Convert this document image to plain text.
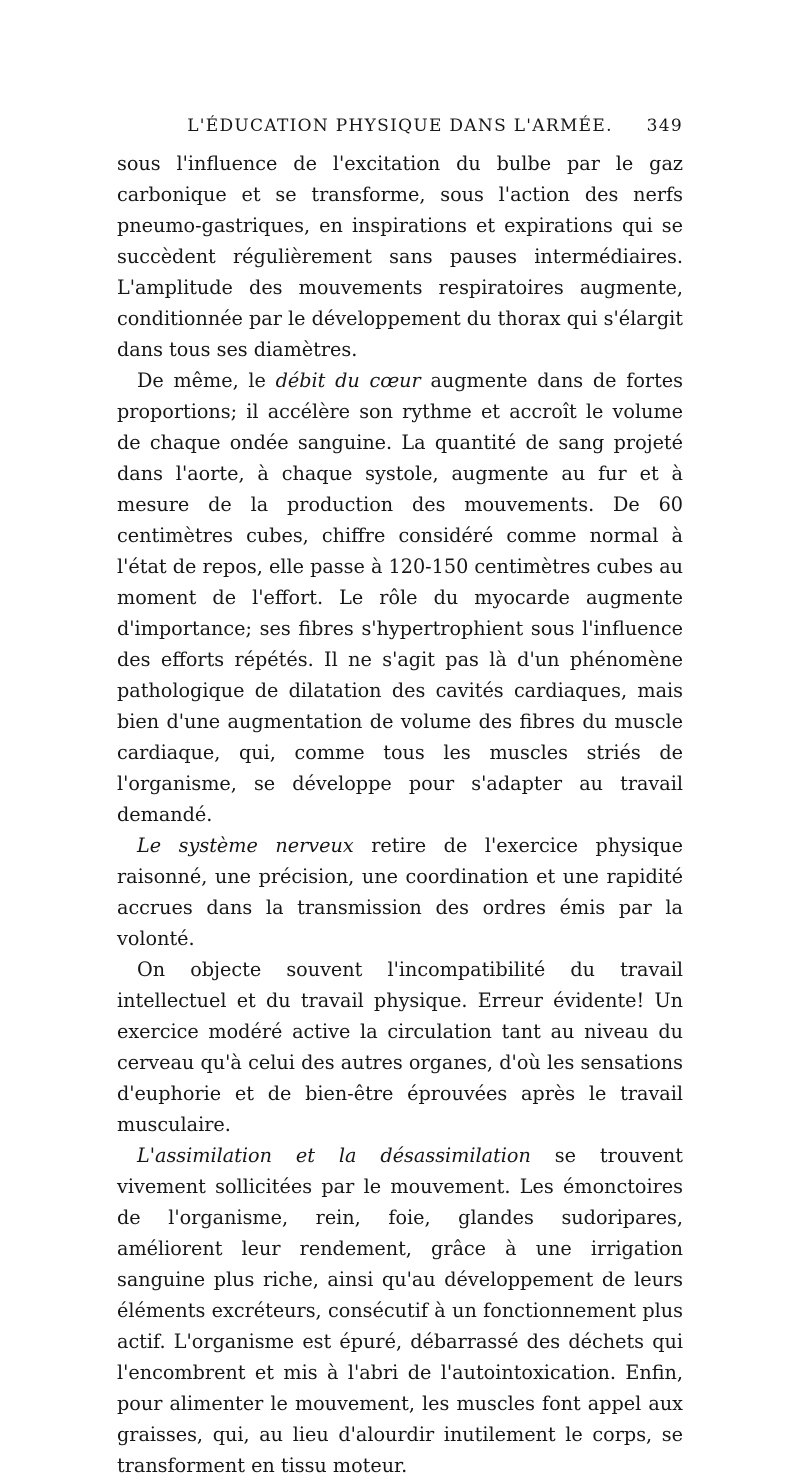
L'ÉDUCATION PHYSIQUE DANS L'ARMÉE.	349

sous l'influence de l'excitation du bulbe par le gaz carbonique et se transforme, sous l'action des nerfs pneumo-gastriques, en inspirations et expirations qui se succèdent régulièrement sans pauses intermédiaires. L'amplitude des mouvements respiratoires augmente, conditionnée par le développement du thorax qui s'élargit dans tous ses diamètres.

De même, le débit du cœur augmente dans de fortes proportions; il accélère son rythme et accroît le volume de chaque ondée sanguine. La quantité de sang projeté dans l'aorte, à chaque systole, augmente au fur et à mesure de la production des mouvements. De 60 centimètres cubes, chiffre considéré comme normal à l'état de repos, elle passe à 120-150 centimètres cubes au moment de l'effort. Le rôle du myocarde augmente d'importance; ses fibres s'hypertrophient sous l'influence des efforts répétés. Il ne s'agit pas là d'un phénomène pathologique de dilatation des cavités cardiaques, mais bien d'une augmentation de volume des fibres du muscle cardiaque, qui, comme tous les muscles striés de l'organisme, se développe pour s'adapter au travail demandé.

Le système nerveux retire de l'exercice physique raisonné, une précision, une coordination et une rapidité accrues dans la transmission des ordres émis par la volonté.

On objecte souvent l'incompatibilité du travail intellectuel et du travail physique. Erreur évidente! Un exercice modéré active la circulation tant au niveau du cerveau qu'à celui des autres organes, d'où les sensations d'euphorie et de bien-être éprouvées après le travail musculaire.

L'assimilation et la désassimilation se trouvent vivement sollicitées par le mouvement. Les émonctoires de l'organisme, rein, foie, glandes sudoripares, améliorent leur rendement, grâce à une irrigation sanguine plus riche, ainsi qu'au développement de leurs éléments excréteurs, consécutif à un fonctionnement plus actif. L'organisme est épuré, débarrassé des déchets qui l'encombrent et mis à l'abri de l'autointoxication. Enfin, pour alimenter le mouvement, les muscles font appel aux graisses, qui, au lieu d'alourdir inutilement le corps, se transforment en tissu moteur.
